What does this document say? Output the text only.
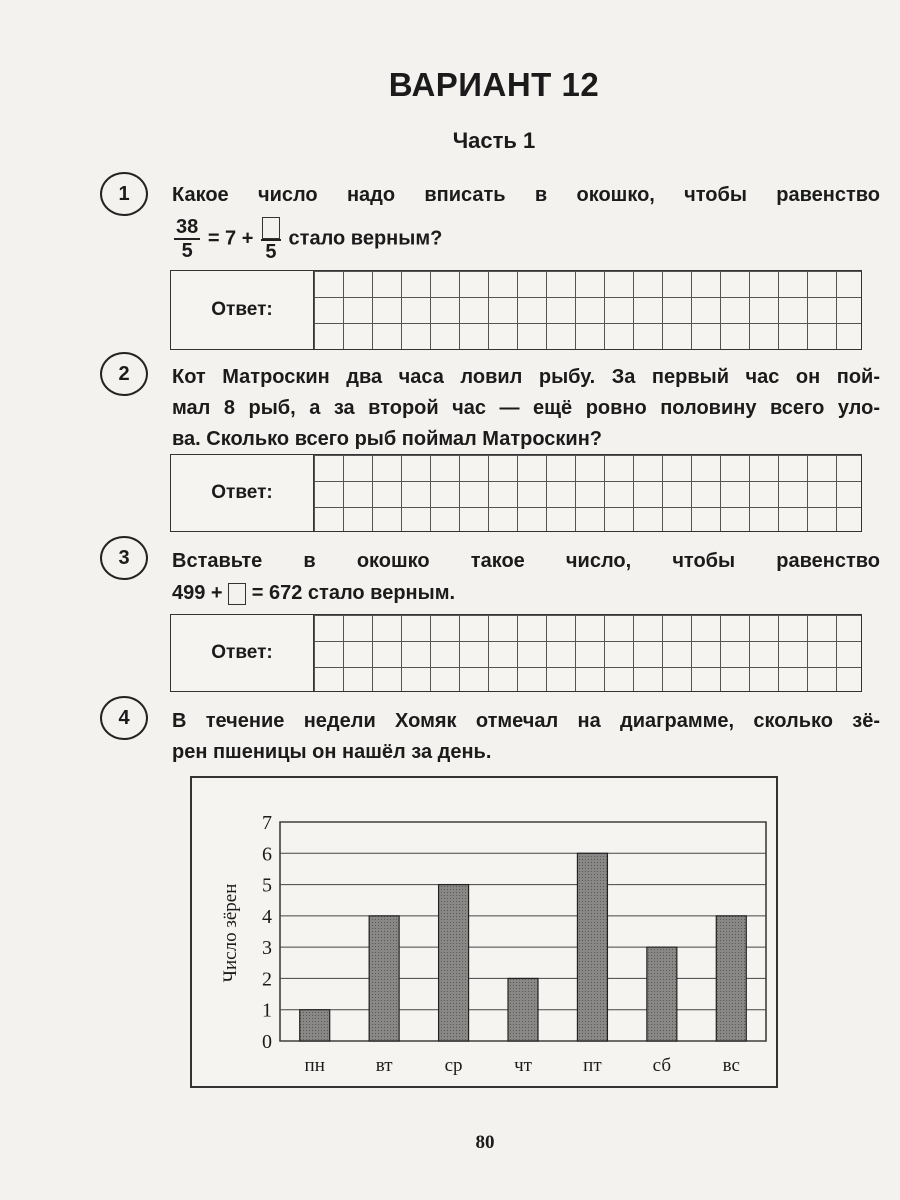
ВАРИАНТ 12
Часть 1
1	Какое число надо вписать в окошко, чтобы равенство
$\frac{38}{5} = 7$ +
5
стало верным?
Ответ:
2	Кот Матроскин два часа ловил рыбу. За первый час он пой-
мал 8 рыб, а за второй час — ещё ровно половину всего уло-
ва. Сколько всего рыб поймал Матроскин?
Ответ:
3	Вставьте в окошко такое число, чтобы равенство
499 + = 672 стало верным.
Ответ:
4	В течение недели Хомяк отмечал на диаграмме, сколько зё-
рен пшеницы он нашёл за день.
0
1
2
3
4
5
6
7
пн	вт	ср	чт	пт	сб	вс
Число зёрен
80
